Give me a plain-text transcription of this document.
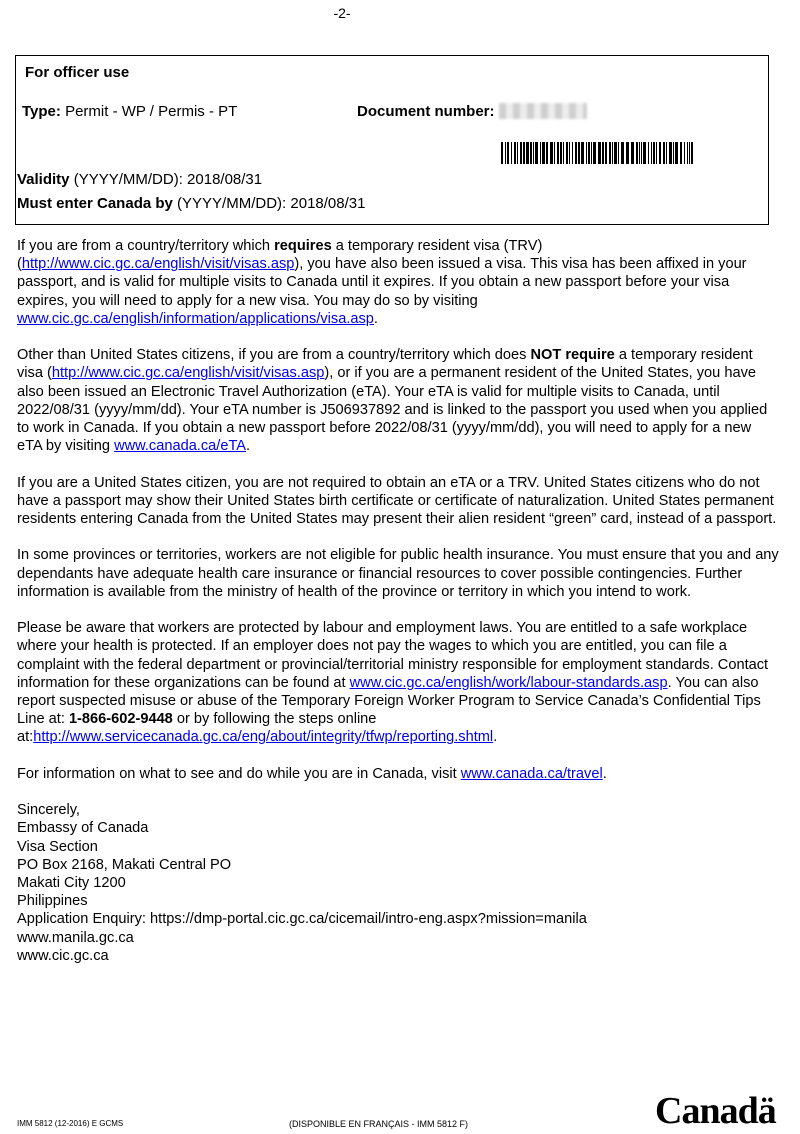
-2-
For officer use
Type: Permit - WP / Permis - PT	Document number:
Validity (YYYY/MM/DD): 2018/08/31
Must enter Canada by (YYYY/MM/DD): 2018/08/31

If you are from a country/territory which requires a temporary resident visa (TRV) (http://www.cic.gc.ca/english/visit/visas.asp), you have also been issued a visa. This visa has been affixed in your passport, and is valid for multiple visits to Canada until it expires. If you obtain a new passport before your visa expires, you will need to apply for a new visa. You may do so by visiting www.cic.gc.ca/english/information/applications/visa.asp.

Other than United States citizens, if you are from a country/territory which does NOT require a temporary resident visa (http://www.cic.gc.ca/english/visit/visas.asp), or if you are a permanent resident of the United States, you have also been issued an Electronic Travel Authorization (eTA). Your eTA is valid for multiple visits to Canada, until 2022/08/31 (yyyy/mm/dd). Your eTA number is J506937892 and is linked to the passport you used when you applied to work in Canada. If you obtain a new passport before 2022/08/31 (yyyy/mm/dd), you will need to apply for a new eTA by visiting www.canada.ca/eTA.

If you are a United States citizen, you are not required to obtain an eTA or a TRV. United States citizens who do not have a passport may show their United States birth certificate or certificate of naturalization. United States permanent residents entering Canada from the United States may present their alien resident “green” card, instead of a passport.

In some provinces or territories, workers are not eligible for public health insurance. You must ensure that you and any dependants have adequate health care insurance or financial resources to cover possible contingencies. Further information is available from the ministry of health of the province or territory in which you intend to work.

Please be aware that workers are protected by labour and employment laws. You are entitled to a safe workplace where your health is protected. If an employer does not pay the wages to which you are entitled, you can file a complaint with the federal department or provincial/territorial ministry responsible for employment standards. Contact information for these organizations can be found at www.cic.gc.ca/english/work/labour-standards.asp. You can also report suspected misuse or abuse of the Temporary Foreign Worker Program to Service Canada’s Confidential Tips Line at: 1-866-602-9448 or by following the steps online at:http://www.servicecanada.gc.ca/eng/about/integrity/tfwp/reporting.shtml.

For information on what to see and do while you are in Canada, visit www.canada.ca/travel.

Sincerely,

Embassy of Canada

Visa Section

PO Box 2168, Makati Central PO

Makati City 1200

Philippines

Application Enquiry: https://dmp-portal.cic.gc.ca/cicemail/intro-eng.aspx?mission=manila

www.manila.gc.ca

www.cic.gc.ca

IMM 5812 (12-2016) E GCMS	(DISPONIBLE EN FRANÇAIS - IMM 5812 F)	Canadä
